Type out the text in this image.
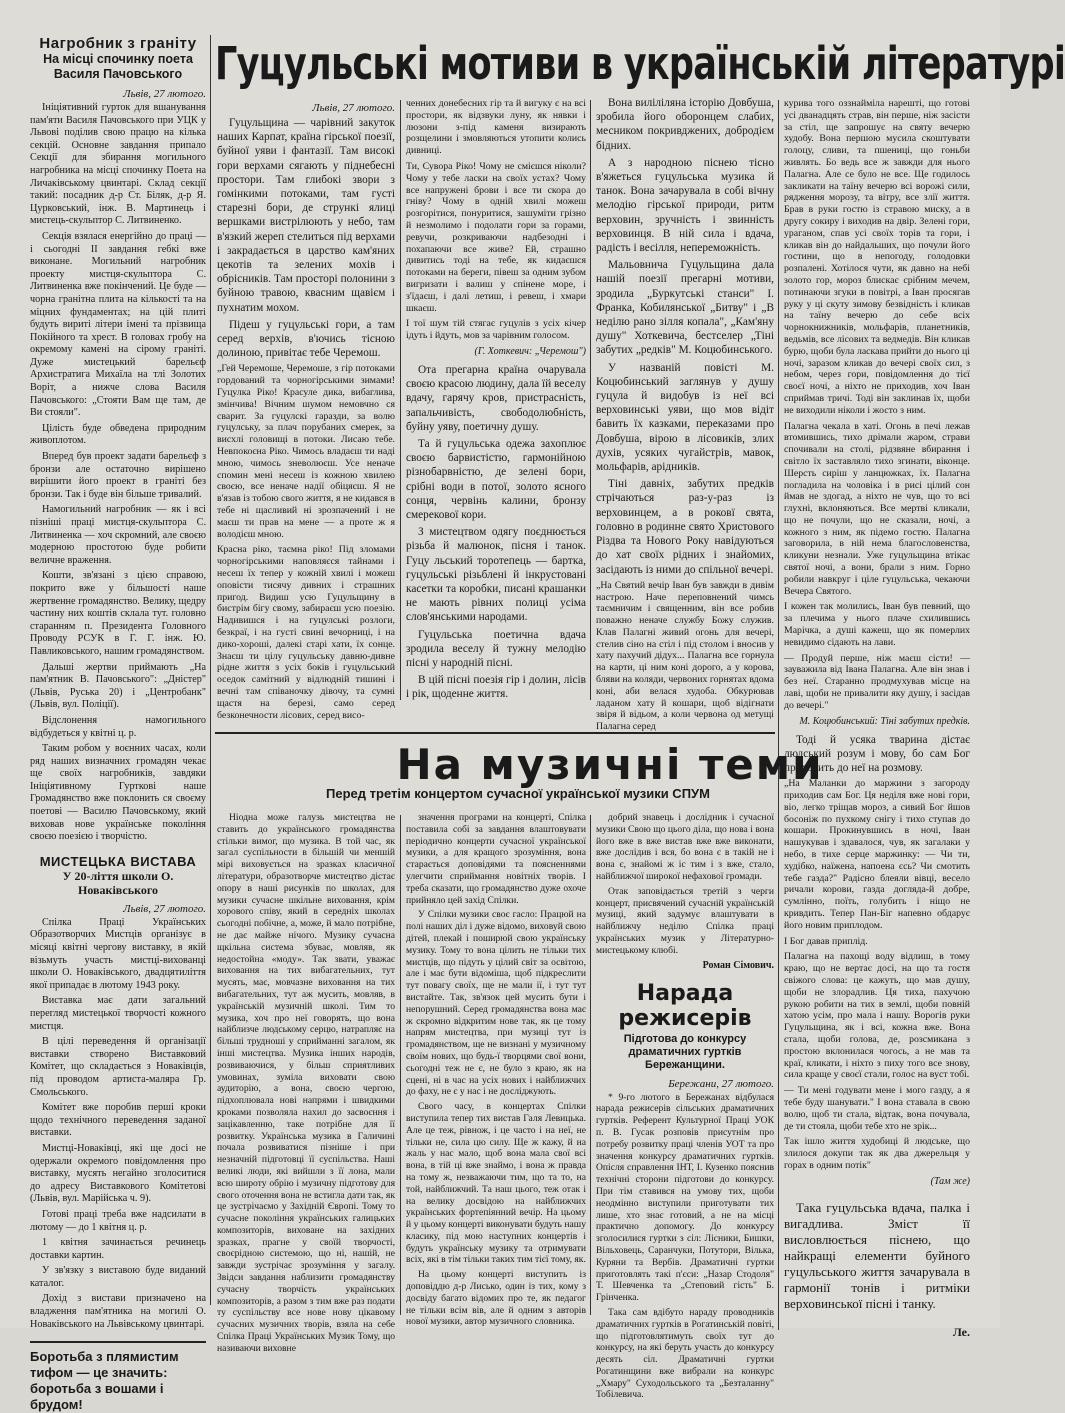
Нагробник з граніту
На місці спочинку поета Василя Пачовського
Львів, 27 лютого.

Ініціятивний гурток для вшанування пам'яти Василя Пачовського при УЦК у Львові поділив свою працю на кілька секцій. Основне завдання припало Секції для збирання могильного нагробника на місці спочинку Поета на Личаківському цвинтарі. Склад секції такий: посадник д-р Ст. Біляк, д-р Я. Цурковський, інж. В. Мартинець і мистець-скульптор С. Литвиненко.

Секція взялася енергійно до праці — і сьогодні II завдання гебкі вже виконане. Могильний нагробник проекту мистця-скульптора С. Литвиненка вже покінчений. Це буде — чорна гранітна плита на кількості та на міцних фундаментах; на цій плиті будуть вириті літери імені та прізвища Покійного та хрест. В головах гробу на окремому камені на сірому граніті. Дуже мистецький барельєф Архистратига Михаїла на тлі Золотих Воріт, а нижче слова Василя Пачовського: „Стояти Вам ще там, де Ви стояли".

Цілість буде обведена природним живоплотом.

Вперед був проект задати барельєф з бронзи але остаточно вирішено вирішити його проект в граніті без бронзи. Так і буде він більше тривалий.

Намогильний нагробник — як і всі пізніші праці мистця-скульптора С. Литвиненка — хоч скромний, але своєю модерною простотою буде робити величне враження.

Кошти, зв'язані з цією справою, покрито вже у більшості наше жертвенне громадянство. Велику, щедру частину них коштів склала тут. головно старанням п. Президента Головного Проводу РСУК в Г. Г. інж. Ю. Павликовського, нашим громадянством.

Дальші жертви приймають „На пам'ятник В. Пачовського": „Дністер" (Львів, Руська 20) і „Центробанк" (Львів, вул. Поліції).

Відслонення намогильного відбудеться у квітні ц. р.

Таким робом у воєнних часах, коли ряд наших визначних громадян чекає ще своїх нагробників, завдяки Ініціятивному Гурткові наше Громадянство вже поклонить ся своєму поетові — Василю Пачовському, який виховав нове українське покоління своєю поезією і творчістю.

МИСТЕЦЬКА ВИСТАВА
У 20-ліття школи О. Новаківського
Львів, 27 лютого.

Спілка Праці Українських Образотворчих Мистців організує в місяці квітні чергову виставку, в якій візьмуть участь мистці-вихованці школи О. Новаківського, двадцятиліття якої припадає в лютому 1943 року.

Виставка має дати загальний перегляд мистецької творчості кожного мистця.

В цілі переведення й організації виставки створено Виставковий Комітет, що складається з Новаківців, під проводом артиста-маляра Гр. Смольського.

Комітет вже поробив перші кроки щодо технічного переведення заданої виставки.

Мистці-Новаківці, які ще досі не одержали окремого повідомлення про виставку, мусять негайно зголоситися до адресу Виставкового Комітетові (Львів, вул. Марійська ч. 9).

Готові праці треба вже надсилати в лютому — до 1 квітня ц. р.

1 квітня зачинається речинець доставки картин.

У зв'язку з виставою буде виданий каталог.

Дохід з вистави призначено на владження пам'ятника на могилі О. Новаківського на Львівському цвинтарі.

Боротьба з плямистим тифом — це значить: боротьба з вошами і брудом!
Гуцульські мотиви в українській літературі
Львів, 27 лютого.

Гуцульщина — чарівний закуток наших Карпат, країна гірської поезії, буйної уяви і фантазії. Там високі гори верхами сягають у піднебесні простори. Там глибокі звори з гомінкими потоками, там густі старезні бори, де стрункі ялиці вершками вистрілюють у небо, там в'язкий жереп стелиться під верхами і закрадається в царство кам'яних цекотів та зелених мохів і обрісників. Там просторі полонини з буйною травою, квасним щавієм і пухнатим мохом.

Підеш у гуцульські гори, а там серед верхів, в'ючись тісною долиною, привітає тебе Черемош.

„Гей Черемоше, Черемоше, з гір потоками гордований та чорногірськими зимами! Гуцулка Ріко! Красуле дика, вибаглива, змінчива! Вічним шумом немовчно ся сварит. За гуцулскі гаразди, за волю гуцулську, за плач порубаних смерек, за висхлі головищі в потоки. Лисаю тебе. Невпокоєна Ріко. Чимось владаєш ти наді мною, чимось зневолюєш. Усе неначе спомин мені несеш із кожною хвилею своєю, все неначе надії обіцяєш. Я не в'язав із тобою свого життя, я не кидався в тебе ні щасливий ні зрозпачений і не маєш ти прав на мене — а проте ж я володієш мною.

Красна ріко, таємна ріко! Під зломами чорногірськими наповляєся тайнами і несеш їх тепер у кожній хвилі і можеш оповісти тисячу дивних і страшних пригод. Видиш усю Гуцульщину в бистрім бігу свому, забираєш усю поезію. Надивишся і на гуцулські розлоги, безкраї, і на густі свині вечорниці, і на дико-хороші, далекі старі хати, їх сонце. Знаєш ти цілу гуцульську давню-дивне рідне життя з усіх боків і гуцульський оседок самітний у відлюдній тишині і вечні там співаночку дівочу, та сумні щастя на березі, само серед безконечности лісових, серед висо-

ченних донебесних гір та й вигуку є на всі простори, як відзвуки луну, як нявки і люзони з-під каменя визирають розщелини і змовляються утопити колись дивниці.

Ти, Сувора Ріко! Чому не смієшся ніколи? Чому у тебе ласки на своїх устах? Чому все напружені брови і все ти скора до гніву? Чому в одній хвилі можеш розгорітися, понуритися, зашуміти грізно й незмолимо і подолати гори за горами, ревучи, розкриваючи надбезодні і похапаючи все живе? Ей, страшно дивитись тоді на тебе, як кидаєшся потоками на береги, півеш за одним зубом вигризати і валиш у спінене море, і з'їдаєш, і далі летиш, і ревеш, і хмари шкаєш.

І тої шум тій стягає гуцулів з усіх кічер ідуть і йдуть, мов за чарівним голосом.

(Г. Хоткевич: „Черемош")

Ота прегарна країна очарувала своєю красою людину, дала їй веселу вдачу, гарячу кров, пристрасність, запальчивість, свободолюбність, буйну уяву, поетичну душу.

Та й гуцульська одежа захоплює своєю барвистістю, гармонійною різнобарвністю, де зелені бори, срібні води в потої, золото ясного сонця, червінь калини, бронзу смерекової кори.

З мистецтвом одягу поєднюється різьба й малюнок, пісня і танок. Гуцу льський торотепець — бартка, гуцульські різьблені й інкрустовані касетки та коробки, писані крашанки не мають рівних полиці усіма слов'янськими народами.

Гуцульська поетична вдача зродила веселу й тужну мелодію пісні у народній пісні.

В цій пісні поезія гір і долин, лісів і рік, щоденне життя.

Вона виліліляна історію Довбуша, зробила його оборонцем слабих, месником покривджених, добродієм бідних.

А з народною піснею тісно в'яжеться гуцульська музика й танок. Вона зачарувала в собі вічну мелодію гірської природи, ритм верховин, зручність і звинність верховинця. В ній сила і вдача, радість і весілля, непереможність.

Мальовнича Гуцульщина дала нашій поезії прегарні мотиви, зродила „Буркутські станси" І. Франка, Кобилянської „Битву" і „В неділю рано зілля копала", „Кам'яну душу" Хоткевича, бестселер „Тіні забутих „редків" М. Коцюбинського.

У названій повісті М. Коцюбинський заглянув у душу гуцула й видобув із неї всі верховинські уяви, що мов відіт бавить їх казками, переказами про Довбуша, вірою в лісовиків, злих духів, усяких чугайстрів, мавок, мольфарів, арідників.

Тіні давніх, забутих предків стрічаються раз-у-раз із верховинцем, а в роковї свята, головно в родинне свято Христового Різдва та Нового Року навідуються до хат своїх рідних і знайомих, засідають із ними до спільної вечері.

„На Святий вечір Іван був завжди в дивім настрою. Наче переповнений чимсь таємничим і священним, він все робив поважно неначе службу Божу служив. Клав Палагні живий огонь для вечері, стелив сіно на стіл і під столом і вносив у хату пахучий дідух... Палагна все горнула на карти, ці ним коні дорого, а у корова, бляви на коляди, червоних горнятах вдома коні, аби велася худоба. Обкурював ладаном хату й кошари, щоб відігнати звіря й відьом, а коли червона од метущі Палагна серед

курива того оззнайміла нарешті, що готові усі дванадцять страв, він перше, ніж засісти за стіл, ще запрошує на святу вечерю худобу. Вона першою мусила скоштувати голоцу, сливи, та пшениці, що гоньби живлять. Бо ведь все ж завжди для нього Палагна. Але се було не все. Ще годилось закликати на таїну вечерю всі ворожі сили, рядження морозу, та вітру, все злії життя. Брав в руки гостю із стравою миску, а в другу сокиру і виходив на двір. Зелені гори, ураганом, спав усі своїх торів та гори, і кликав він до найдальших, що почули його гостини, що в непогоду, голодовки розпалені. Хотілося чути, як давно на небі золото гор, мороз блискає срібним мечем, потинаючи згуки в повітрі, а Іван просягав руку у ці скуту зимову безвідність і кликав на таїну вечерю до себе всіх чорнокнижників, мольфарів, планетників, ведьмів, все лісових та ведмедів. Він кликав бурю, щоби була ласкава прийти до нього ці ночі, заразом кликав до вечері своїх сил, з небом, через гори, повідомлення до тієї своєї ночі, а ніхто не приходив, хоч Іван сприймав тричі. Тоді він заклинав їх, щоби не виходили ніколи і жосто з ним.

Палагна чекала в хаті. Огонь в печі лежав втомившись, тихо дрімали жаром, страви спочивали на столі, рідзвяне вбирання і світло їх заставляло тихо згинати, віконце. Шерсть сиріш у ланцюжках, їх. Палагна погладила на чоловіка і в рисі цілий сон ймав не здогад, а ніхто не чув, що то всі глухні, вклоняються. Все мертві кликали, що не почули, що не сказали, ночі, а кожного з ним, як підемо гостю. Палагна заговорила, в ній нема благословенства, кликуни незнали. Уже гуцульщина втікає святої ночі, а вони, брали з ним. Горно робили навкруг і ціле гуцульська, чекаючи Вечера Святого.

І кожен так молились, Іван був певний, що за плечима у нього плаче схилившись Марічка, а душі кажеш, що як померлих невидимо сідають на лави.

— Продуй перше, ніж маєш сісти! — зауважила від Івана Палагна. Але він знав і без неї. Старанно продмухував місце на лаві, щоби не привалити яку душу, і засідав до вечері."

М. Коцюбинський: Тіні забутих предків.

Тоді й усяка тварина дістає людський розум і мову, бо сам Бог приходить до неї на розмову.

„На Маланки до маржини з загороду приходив сам Бог. Ця неділя вже нові гори, віо, легко тріщав мороз, а сивий Бог йшов босоніж по пухкому снігу і тихо ступав до кошари. Прокинувшись в ночі, Іван нашукував і здавалося, чув, як загалаки у небо, в тихе серце маржинку: — Чи ти, худібко, наїжена, напоена єсь? Чи смотить тебе газда?" Радісно блеяли вівці, весело ричали корови, газда догляда-й добре, сумлінно, поїть, голубить і ніщо не кривдить. Тепер Пан-Біг напевно обдарує його новим приплодом.

І Бог давав приплід.

Палагна на пахощі воду відлиш, в тому краю, що не вертає досі, на що та гостя свіжого слова: це кажуть, що мав душу, щоби не злорадлив. Ця тиха, пахучою рукою робити на тих в землі, щоби повній хатою усім, про мала і нашу. Ворогів руки Гуцульщина, як і всі, кожна вже. Вона стала, щоби голова, де, розсмикана з простою вклонилася чогось, а не мав та краї, кликати, і ніхто з пиху того все знову, сила краще у своєї стали, голос на вуст тобі.

— Ти мені годувати мене і мого газду, а я тебе буду шанувати." І вона ставала в свою волю, щоб ти стала, відтак, вона почувала, де ти стояла, щоби тебе хто не зрік...

Так ішло життя худобиці й людське, що злилося докупи так як два джерельця у горах в одним потік"

(Там же)

Така гуцульська вдача, палка і вигадлива. Зміст її висловлюється піснею, що найкращі елементи буйного гуцульського життя зачарувала в гармонії тонів і ритміки верховинської пісні і танку.

Ле.
На музичні теми
Перед третім концертом сучасної української музики СПУМ

Ніодна може галузь мистецтва не ставить до українського громадянства стільки вимог, що музика. В той час, як загал суспільности в більшій чи меншій мірі виховується на зразках класичної літератури, образотворче мистецтво дістає опору в наші рисунків по школах, для музики сучасне шкільне виховання, крім хорового співу, який в середніх школах сьогодні побічне, а, може, й мало потрібне, не дає майже нічого. Музику сучасна щкільна система збуває, мовляв, як недостойна «моду». Так звати, уважає виховання на тих вибагательних, тут мусять, має, мовчазне виховання на тих вибагательних, тут аж мусить, мовляв, в українській музичній школі. Тим то музика, хоч про неї говорять, що вона найблизче людському серцю, натрапляє на більші трудноші у сприйманні загалом, як інші мистецтва. Музика інших народів, розвиваючися, у більш сприятливих умовинах, зуміла виховати свою аудиторію, а вона, своєю чергою, підхоплювала нові напрями і швидкими кроками позволяла нахил до засвоєння і зацікавленню, таке потрібне для її розвитку. Українська музика в Галичині почала розвиватися пізніше і при незначній підготовці її суспільства. Наші великі люди, які вийшли з її лона, мали всю широту обрію і музичну підготову для свого оточення вона не встигла дати так, як це зустрічаємо у Західній Європі. Тому то сучасне покоління українських галицьких композиторів, виховане на західних зразках, прагне у своїй творчості, своєрідною системою, що ні, нашій, не завжди зустрічає зрозуміння у загалу. Звідси завдання наблизити громадянству сучасну творчість українських композиторів, а разом з тим вже раз подати ту суспільству все нове нову цікавому сучасних музичних творів, взяла на себе Спілка Праці Українських Музик Тому, що називаючи виховне

значення програми на концерті, Спілка поставила собі за завдання влаштовувати періодично концерти сучасної української музики, а для кращого зрозуміння, вона старається доповідями та поясненнями улегчити сприймання новітніх творів. І треба сказати, що громадянство дуже охоче прийняло цей захід Спілки.

У Спілки музики своє гасло: Працюй на полі наших діл і дуже відомо, виховуй свою дітей, плекай і поширюй свою українську музику. Тому то вона цілить не тільки тих мистців, що підуть у цілий світ за освітою, але і має бути відоміша, щоб підкреслити тут повагу своїх, ще не мали ії, і тут тут вистайте. Так, зв'язок цей мусить бути і непорушний. Серед громадянства вона має ж скромно відкритим нове так, як це тому напрям мистецтва, при музиці тут із громадянством, ще не визнані у музичному своїм нових, що будь-ї творцями свої вони, сьогодні теж не є, не було з краю, як на сцені, ні в час на усіх нових і найближчих до фаху, не є у нас і не досліджують.

Свого часу, в концертах Спілки виступила тепер тих вистав Галя Левицька. Але це теж, рівнож, і це часто і на неї, не тільки не, сила цю силу. Ще ж кажу, й на жаль у нас мало, щоб вона мала свої всі вона, в тій ці вже знаймо, і вона ж правда на тому ж, незважаючи тим, що та то, на той, найближчий. Та наш цього, теж отак і на велику досвідою на найближчих українських фортепіянний вечір. На цьому й у цьому концерті виконувати будуть нашу класику, під мою наступних концертів і будуть українську музику та отримувати всіх, які в тім тільки таких тим тієї тому, як.

На цьому концерті виступить із доповіддю д-р Лисько, один із тих, кому з досвіду багато відомих про те, як педагог не тільки всім вів, але й одним з авторів нової музики, автор музичного словника.

добрий знавець і дослідник і сучасної музики Свою що цього діла, що нова і вона його вже в вже вистав вже вже виконати, вже дослідив і вся, бо вона є в такій не і вона є, знайомі ж іс тим і з вже, стало, найближчої широкої нефахової громади.

Отак заповідається третій з черги концерт, присвячений сучасній українській музиці, який задумує влаштувати в найближчу неділю Спілка праці українських музик у Літературно-мистецькому клюбі.

Роман Сімович.
Нарада режисерів
Підготова до конкурсу драматичних гуртків Бережанщини.
Бережани, 27 лютого.

* 9-го лютого в Бережанах відбулася нарада режисерів сільських драматичних гуртків. Референт Культурної Праці УОК п. В. Гусак розповів присутнім про потребу розвитку праці членів УОТ та про значення конкурсу драматичних гуртків. Опісля справлення ІНТ, І. Кузенко пояснив технічні сторони підготови до конкурсу. При тім ставився на умову тих, щоби неодмінно виступили приготувати тих лише, хто знає готовий, а не на місці практично допомогу. До конкурсу зголосилися гуртки з сіл: Лісники, Бишки, Вільховець, Саранчуки, Потутори, Вілька, Куряни та Вербів. Драматичні гуртки приготовлять такі п'єси: „Назар Стодоля" Т. Шевченка та „Степовий гість" Б. Грінченка.

Така сам вдібуто нараду проводників драматичних гуртків в Рогатинській повіті, що підготовлятимуть своїх тут до конкурсу, на які беруть участь до конкурсу десять сіл. Драматичні гуртки Рогатинщини вже вибрали на конкурс „Хмару" Суходольського та „Безталанну" Тобілевича.
